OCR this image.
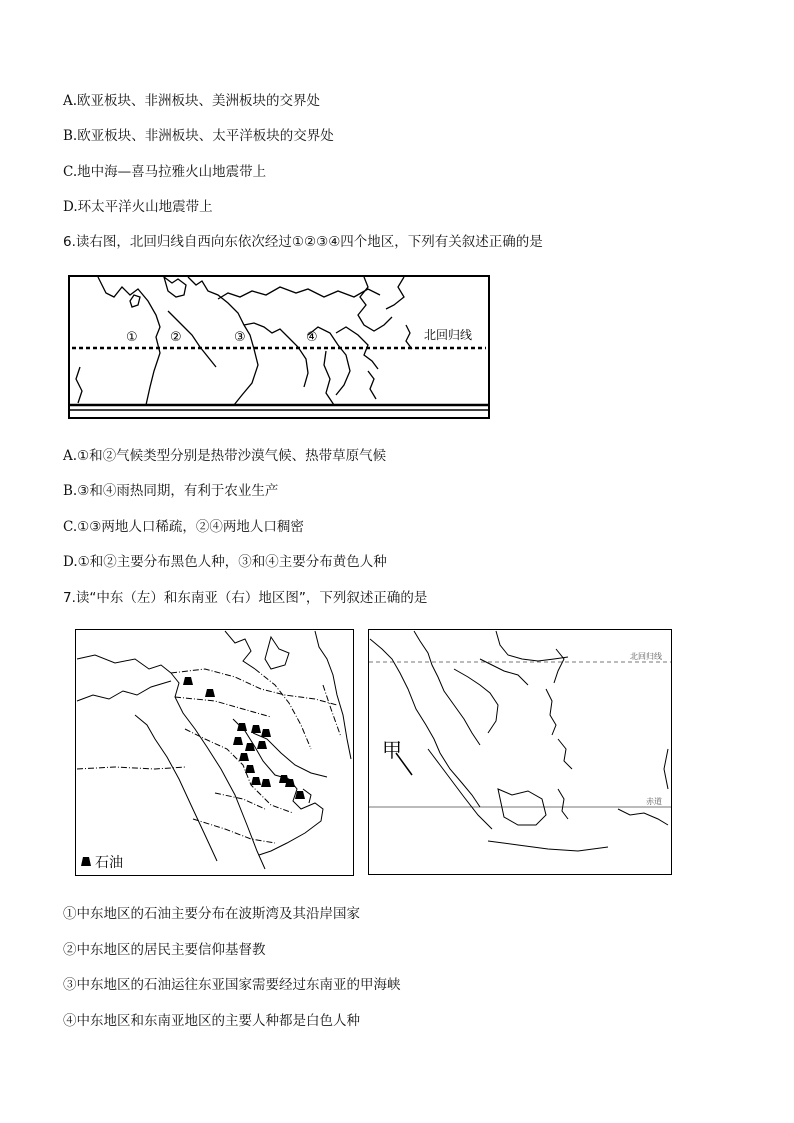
A.欧亚板块、非洲板块、美洲板块的交界处
B.欧亚板块、非洲板块、太平洋板块的交界处
C.地中海—喜马拉雅火山地震带上
D.环太平洋火山地震带上
6.读右图，北回归线自西向东依次经过①②③④四个地区，下列有关叙述正确的是
① ②	③	④	北回归线
A.①和②气候类型分别是热带沙漠气候、热带草原气候
B.③和④雨热同期，有利于农业生产
C.①③两地人口稀疏，②④两地人口稠密
D.①和②主要分布黑色人种，③和④主要分布黄色人种
7.读“中东（左）和东南亚（右）地区图”，下列叙述正确的是
石油
甲
北回归线
赤道
①中东地区的石油主要分布在波斯湾及其沿岸国家
②中东地区的居民主要信仰基督教
③中东地区的石油运往东亚国家需要经过东南亚的甲海峡
④中东地区和东南亚地区的主要人种都是白色人种
